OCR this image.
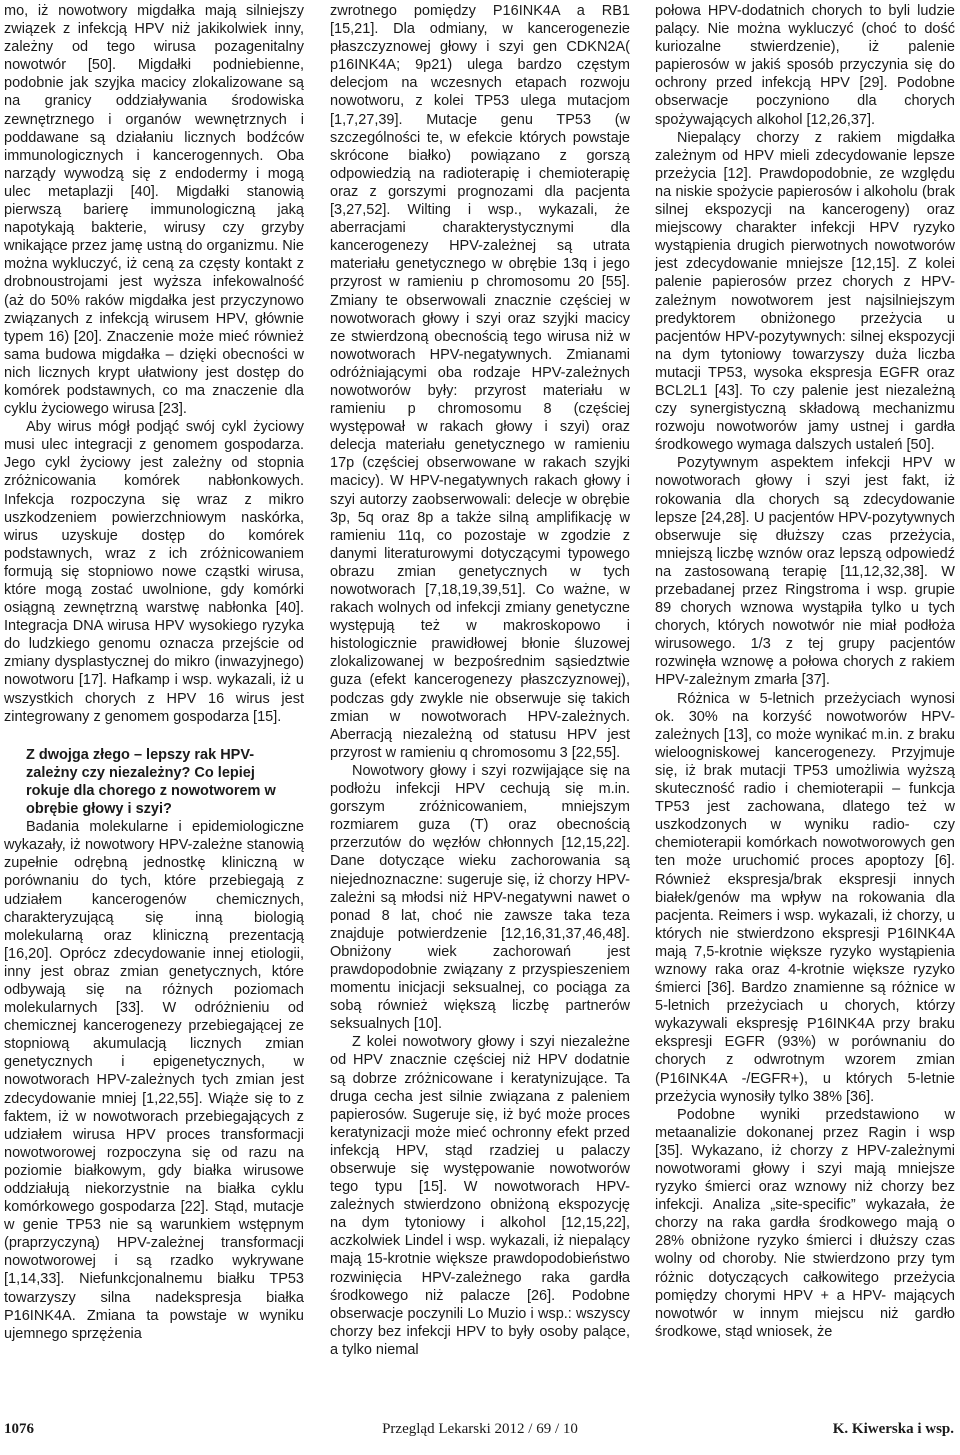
mo, iż nowotwory migdałka mają silniejszy związek z infekcją HPV niż jakikolwiek inny, zależny od tego wirusa pozagenitalny nowotwór [50]. Migdałki podniebienne, podobnie jak szyjka macicy zlokalizowane są na granicy oddziaływania środowiska zewnętrznego i organów wewnętrznych i poddawane są działaniu licznych bodźców immunologicznych i kancerogennych. Oba narządy wywodzą się z endodermy i mogą ulec metaplazji [40]. Migdałki stanowią pierwszą barierę immunologiczną jaką napotykają bakterie, wirusy czy grzyby wnikające przez jamę ustną do organizmu. Nie można wykluczyć, iż ceną za częsty kontakt z drobnoustrojami jest wyższa infekowalność (aż do 50% raków migdałka jest przyczynowo związanych z infekcją wirusem HPV, głównie typem 16) [20]. Znaczenie może mieć również sama budowa migdałka – dzięki obecności w nich licznych krypt ułatwiony jest dostęp do komórek podstawnych, co ma znaczenie dla cyklu życiowego wirusa [23].

Aby wirus mógł podjąć swój cykl życiowy musi ulec integracji z genomem gospodarza. Jego cykl życiowy jest zależny od stopnia zróżnicowania komórek nabłonkowych. Infekcja rozpoczyna się wraz z mikro uszkodzeniem powierzchniowym naskórka, wirus uzyskuje dostęp do komórek podstawnych, wraz z ich zróżnicowaniem formują się stopniowo nowe cząstki wirusa, które mogą zostać uwolnione, gdy komórki osiągną zewnętrzną warstwę nabłonka [40]. Integracja DNA wirusa HPV wysokiego ryzyka do ludzkiego genomu oznacza przejście od zmiany dysplastycznej do mikro (inwazyjnego) nowotworu [17]. Hafkamp i wsp. wykazali, iż u wszystkich chorych z HPV 16 wirus jest zintegrowany z genomem gospodarza [15].

Z dwojga złego – lepszy rak HPV-zależny czy niezależny? Co lepiej rokuje dla chorego z nowotworem w obrębie głowy i szyi?

Badania molekularne i epidemiologiczne wykazały, iż nowotwory HPV-zależne stanowią zupełnie odrębną jednostkę kliniczną w porównaniu do tych, które przebiegają z udziałem kancerogenów chemicznych, charakteryzującą się inną biologią molekularną oraz kliniczną prezentacją [16,20]. Oprócz zdecydowanie innej etiologii, inny jest obraz zmian genetycznych, które odbywają się na różnych poziomach molekularnych [33]. W odróżnieniu od chemicznej kancerogenezy przebiegającej ze stopniową akumulacją licznych zmian genetycznych i epigenetycznych, w nowotworach HPV-zależnych tych zmian jest zdecydowanie mniej [1,22,55]. Wiąże się to z faktem, iż w nowotworach przebiegających z udziałem wirusa HPV proces transformacji nowotworowej rozpoczyna się od razu na poziomie białkowym, gdy białka wirusowe oddziałują niekorzystnie na białka cyklu komórkowego gospodarza [22]. Stąd, mutacje w genie TP53 nie są warunkiem wstępnym (praprzyczyną) HPV-zależnej transformacji nowotworowej i są rzadko wykrywane [1,14,33]. Niefunkcjonalnemu białku TP53 towarzyszy silna nadekspresja białka P16INK4A. Zmiana ta powstaje w wyniku ujemnego sprzężenia

zwrotnego pomiędzy P16INK4A a RB1 [15,21]. Dla odmiany, w kancerogenezie płaszczyznowej głowy i szyi gen CDKN2A( p16INK4A; 9p21) ulega bardzo częstym delecjom na wczesnych etapach rozwoju nowotworu, z kolei TP53 ulega mutacjom [1,7,27,39]. Mutacje genu TP53 (w szczególności te, w efekcie których powstaje skrócone białko) powiązano z gorszą odpowiedzią na radioterapię i chemioterapię oraz z gorszymi prognozami dla pacjenta [3,27,52]. Wilting i wsp., wykazali, że aberracjami charakterystycznymi dla kancerogenezy HPV-zależnej są utrata materiału genetycznego w obrębie 13q i jego przyrost w ramieniu p chromosomu 20 [55]. Zmiany te obserwowali znacznie częściej w nowotworach głowy i szyi oraz szyjki macicy ze stwierdzoną obecnością tego wirusa niż w nowotworach HPV-negatywnych. Zmianami odróżniającymi oba rodzaje HPV-zależnych nowotworów były: przyrost materiału w ramieniu p chromosomu 8 (częściej występował w rakach głowy i szyi) oraz delecja materiału genetycznego w ramieniu 17p (częściej obserwowane w rakach szyjki macicy). W HPV-negatywnych rakach głowy i szyi autorzy zaobserwowali: delecje w obrębie 3p, 5q oraz 8p a także silną amplifikację w ramieniu 11q, co pozostaje w zgodzie z danymi literaturowymi dotyczącymi typowego obrazu zmian genetycznych w tych nowotworach [7,18,19,39,51]. Co ważne, w rakach wolnych od infekcji zmiany genetyczne występują też w makroskopowo i histologicznie prawidłowej błonie śluzowej zlokalizowanej w bezpośrednim sąsiedztwie guza (efekt kancerogenezy płaszczyznowej), podczas gdy zwykle nie obserwuje się takich zmian w nowotworach HPV-zależnych. Aberracją niezależną od statusu HPV jest przyrost w ramieniu q chromosomu 3 [22,55].

Nowotwory głowy i szyi rozwijające się na podłożu infekcji HPV cechują się m.in. gorszym zróżnicowaniem, mniejszym rozmiarem guza (T) oraz obecnością przerzutów do węzłów chłonnych [12,15,22]. Dane dotyczące wieku zachorowania są niejednoznaczne: sugeruje się, iż chorzy HPV-zależni są młodsi niż HPV-negatywni nawet o ponad 8 lat, choć nie zawsze taka teza znajduje potwierdzenie [12,16,31,37,46,48]. Obniżony wiek zachorowań jest prawdopodobnie związany z przyspieszeniem momentu inicjacji seksualnej, co pociąga za sobą również większą liczbę partnerów seksualnych [10].

Z kolei nowotwory głowy i szyi niezależne od HPV znacznie częściej niż HPV dodatnie są dobrze zróżnicowane i keratynizujące. Ta druga cecha jest silnie związana z paleniem papierosów. Sugeruje się, iż być może proces keratynizacji może mieć ochronny efekt przed infekcją HPV, stąd rzadziej u palaczy obserwuje się występowanie nowotworów tego typu [15]. W nowotworach HPV-zależnych stwierdzono obniżoną ekspozycję na dym tytoniowy i alkohol [12,15,22], aczkolwiek Lindel i wsp. wykazali, iż niepalący mają 15-krotnie większe prawdopodobieństwo rozwinięcia HPV-zależnego raka gardła środkowego niż palacze [26]. Podobne obserwacje poczynili Lo Muzio i wsp.: wszyscy chorzy bez infekcji HPV to były osoby palące, a tylko niemal

połowa HPV-dodatnich chorych to byli ludzie palący. Nie można wykluczyć (choć to dość kuriozalne stwierdzenie), iż palenie papierosów w jakiś sposób przyczynia się do ochrony przed infekcją HPV [29]. Podobne obserwacje poczyniono dla chorych spożywających alkohol [12,26,37].

Niepalący chorzy z rakiem migdałka zależnym od HPV mieli zdecydowanie lepsze przeżycia [12]. Prawdopodobnie, ze względu na niskie spożycie papierosów i alkoholu (brak silnej ekspozycji na kancerogeny) oraz miejscowy charakter infekcji HPV ryzyko wystąpienia drugich pierwotnych nowotworów jest zdecydowanie mniejsze [12,15]. Z kolei palenie papierosów przez chorych z HPV-zależnym nowotworem jest najsilniejszym predyktorem obniżonego przeżycia u pacjentów HPV-pozytywnych: silnej ekspozycji na dym tytoniowy towarzyszy duża liczba mutacji TP53, wysoka ekspresja EGFR oraz BCL2L1 [43]. To czy palenie jest niezależną czy synergistyczną składową mechanizmu rozwoju nowotworów jamy ustnej i gardła środkowego wymaga dalszych ustaleń [50].

Pozytywnym aspektem infekcji HPV w nowotworach głowy i szyi jest fakt, iż rokowania dla chorych są zdecydowanie lepsze [24,28]. U pacjentów HPV-pozytywnych obserwuje się dłuższy czas przeżycia, mniejszą liczbę wznów oraz lepszą odpowiedź na zastosowaną terapię [11,12,32,38]. W przebadanej przez Ringstroma i wsp. grupie 89 chorych wznowa wystąpiła tylko u tych chorych, których nowotwór nie miał podłoża wirusowego. 1/3 z tej grupy pacjentów rozwinęła wznowę a połowa chorych z rakiem HPV-zależnym zmarła [37].

Różnica w 5-letnich przeżyciach wynosi ok. 30% na korzyść nowotworów HPV-zależnych [13], co może wynikać m.in. z braku wieloogniskowej kancerogenezy. Przyjmuje się, iż brak mutacji TP53 umożliwia wyższą skuteczność radio i chemioterapii – funkcja TP53 jest zachowana, dlatego też w uszkodzonych w wyniku radio- czy chemioterapii komórkach nowotworowych gen ten może uruchomić proces apoptozy [6]. Również ekspresja/brak ekspresji innych białek/genów ma wpływ na rokowania dla pacjenta. Reimers i wsp. wykazali, iż chorzy, u których nie stwierdzono ekspresji P16INK4A mają 7,5-krotnie większe ryzyko wystąpienia wznowy raka oraz 4-krotnie większe ryzyko śmierci [36]. Bardzo znamienne są różnice w 5-letnich przeżyciach u chorych, którzy wykazywali ekspresję P16INK4A przy braku ekspresji EGFR (93%) w porównaniu do chorych z odwrotnym wzorem zmian (P16INK4A -/EGFR+), u których 5-letnie przeżycia wynosiły tylko 38% [36].

Podobne wyniki przedstawiono w metaanalizie dokonanej przez Ragin i wsp [35]. Wykazano, iż chorzy z HPV-zależnymi nowotworami głowy i szyi mają mniejsze ryzyko śmierci oraz wznowy niż chorzy bez infekcji. Analiza „site-specific” wykazała, że chorzy na raka gardła środkowego mają o 28% obniżone ryzyko śmierci i dłuższy czas wolny od choroby. Nie stwierdzono przy tym różnic dotyczących całkowitego przeżycia pomiędzy chorymi HPV + a HPV- mających nowotwór w innym miejscu niż gardło środkowe, stąd wniosek, że

1076	Przegląd Lekarski 2012 / 69 / 10	K. Kiwerska i wsp.
